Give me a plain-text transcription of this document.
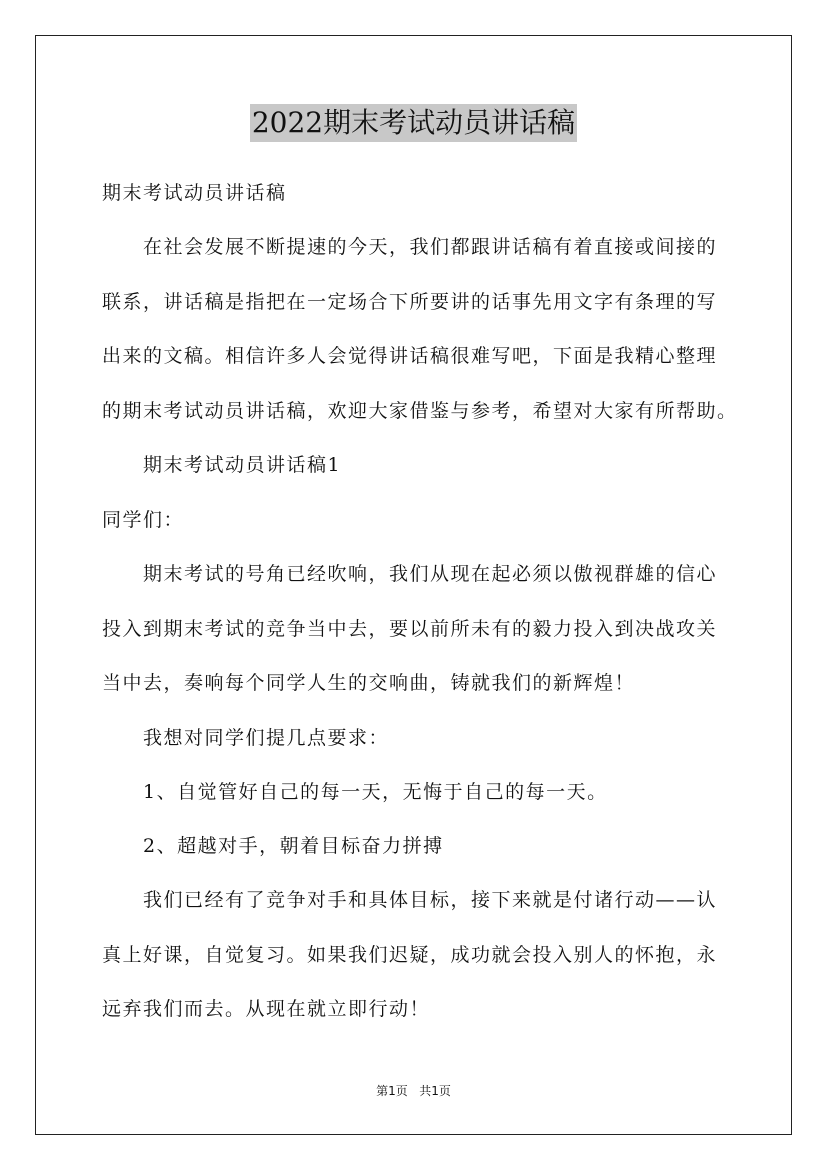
2022期末考试动员讲话稿
期末考试动员讲话稿
在社会发展不断提速的今天，我们都跟讲话稿有着直接或间接的
联系，讲话稿是指把在一定场合下所要讲的话事先用文字有条理的写
出来的文稿。相信许多人会觉得讲话稿很难写吧，下面是我精心整理
的期末考试动员讲话稿，欢迎大家借鉴与参考，希望对大家有所帮助。
期末考试动员讲话稿1
同学们：
期末考试的号角已经吹响，我们从现在起必须以傲视群雄的信心
投入到期末考试的竞争当中去，要以前所未有的毅力投入到决战攻关
当中去，奏响每个同学人生的交响曲，铸就我们的新辉煌！
我想对同学们提几点要求：
1、自觉管好自己的每一天，无悔于自己的每一天。
2、超越对手，朝着目标奋力拼搏
我们已经有了竞争对手和具体目标，接下来就是付诸行动——认
真上好课，自觉复习。如果我们迟疑，成功就会投入别人的怀抱，永
远弃我们而去。从现在就立即行动！
第1页 共1页
